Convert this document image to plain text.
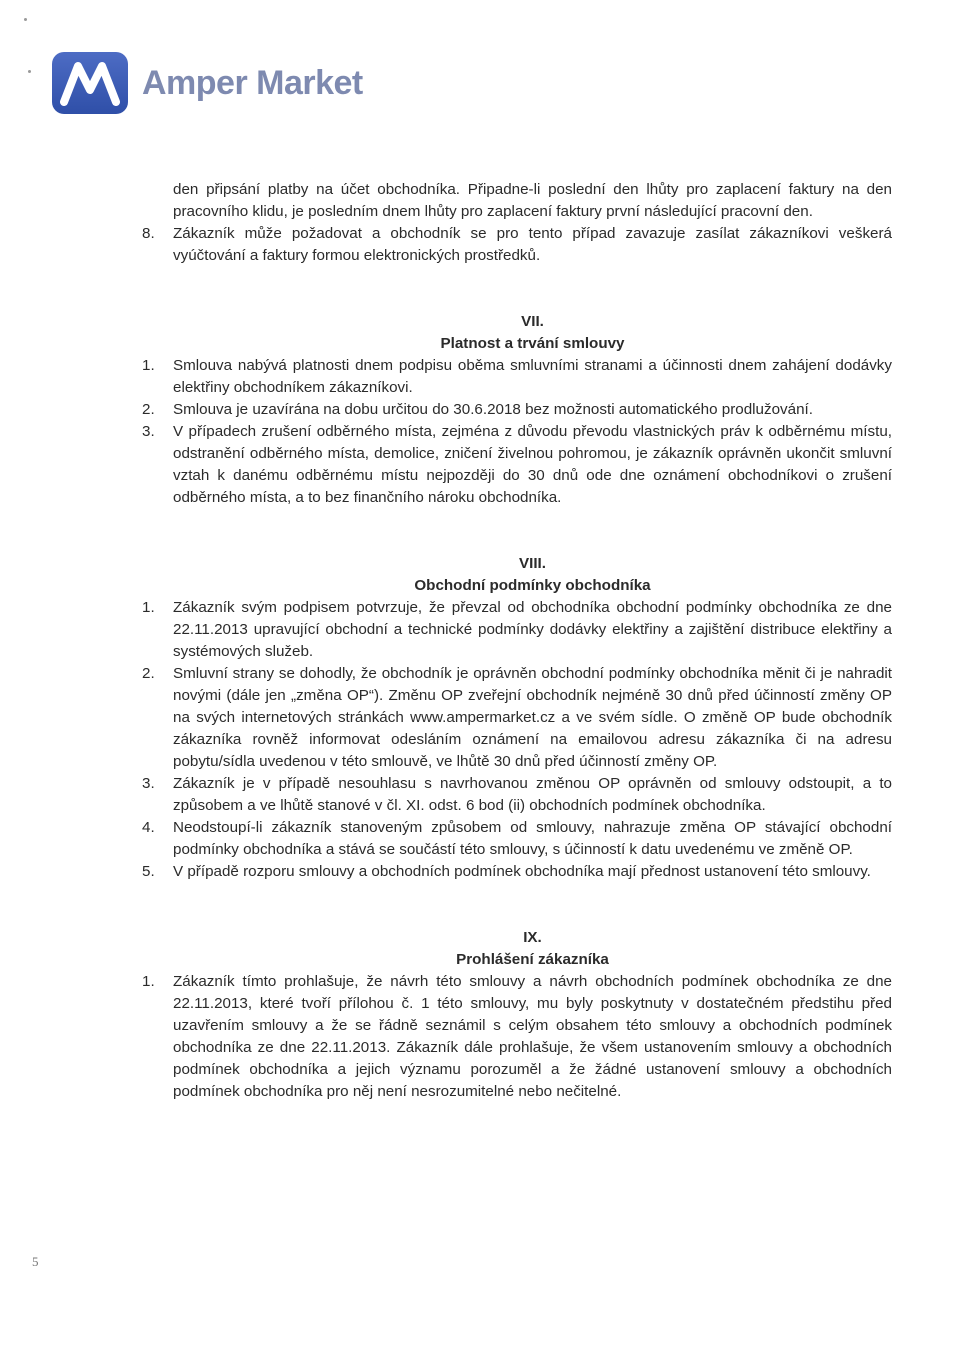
Amper Market

den připsání platby na účet obchodníka. Připadne-li poslední den lhůty pro zaplacení faktury na den pracovního klidu, je posledním dnem lhůty pro zaplacení faktury první následující pracovní den.

8.	Zákazník může požadovat a obchodník se pro tento případ zavazuje zasílat zákazníkovi veškerá vyúčtování a faktury formou elektronických prostředků.

VII.

Platnost a trvání smlouvy

1.	Smlouva nabývá platnosti dnem podpisu oběma smluvními stranami a účinnosti dnem zahájení dodávky elektřiny obchodníkem zákazníkovi.
2.	Smlouva je uzavírána na dobu určitou do 30.6.2018 bez možnosti automatického prodlužování.
3.	V případech zrušení odběrného místa, zejména z důvodu převodu vlastnických práv k odběrnému místu, odstranění odběrného místa, demolice, zničení živelnou pohromou, je zákazník oprávněn ukončit smluvní vztah k danému odběrnému místu nejpozději do 30 dnů ode dne oznámení obchodníkovi o zrušení odběrného místa, a to bez finančního nároku obchodníka.

VIII.

Obchodní podmínky obchodníka

1.	Zákazník svým podpisem potvrzuje, že převzal od obchodníka obchodní podmínky obchodníka ze dne 22.11.2013 upravující obchodní a technické podmínky dodávky elektřiny a zajištění distribuce elektřiny a systémových služeb.
2.	Smluvní strany se dohodly, že obchodník je oprávněn obchodní podmínky obchodníka měnit či je nahradit novými (dále jen „změna OP“). Změnu OP zveřejní obchodník nejméně 30 dnů před účinností změny OP na svých internetových stránkách www.ampermarket.cz a ve svém sídle. O změně OP bude obchodník zákazníka rovněž informovat odesláním oznámení na emailovou adresu zákazníka či na adresu pobytu/sídla uvedenou v této smlouvě, ve lhůtě 30 dnů před účinností změny OP.
3.	Zákazník je v případě nesouhlasu s navrhovanou změnou OP oprávněn od smlouvy odstoupit, a to způsobem a ve lhůtě stanové v čl. XI. odst. 6 bod (ii) obchodních podmínek obchodníka.
4.	Neodstoupí-li zákazník stanoveným způsobem od smlouvy, nahrazuje změna OP stávající obchodní podmínky obchodníka a stává se součástí této smlouvy, s účinností k datu uvedenému ve změně OP.
5.	V případě rozporu smlouvy a obchodních podmínek obchodníka mají přednost ustanovení této smlouvy.

IX.

Prohlášení zákazníka

1.	Zákazník tímto prohlašuje, že návrh této smlouvy a návrh obchodních podmínek obchodníka ze dne 22.11.2013, které tvoří přílohou č. 1 této smlouvy, mu byly poskytnuty v dostatečném předstihu před uzavřením smlouvy a že se řádně seznámil s celým obsahem této smlouvy a obchodních podmínek obchodníka ze dne 22.11.2013. Zákazník dále prohlašuje, že všem ustanovením smlouvy a obchodních podmínek obchodníka a jejich významu porozuměl a že žádné ustanovení smlouvy a obchodních podmínek obchodníka pro něj není nesrozumitelné nebo nečitelné.
5
